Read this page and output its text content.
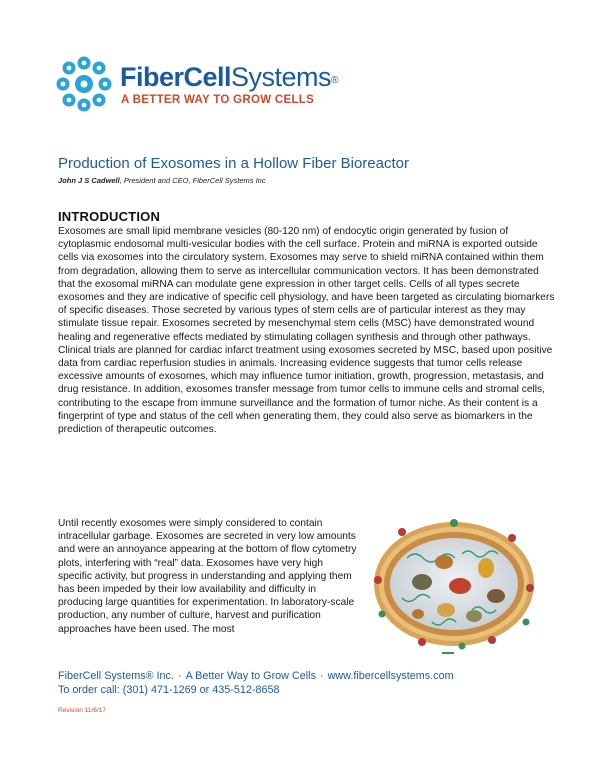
FiberCellSystems®
A BETTER WAY TO GROW CELLS
Production of Exosomes in a Hollow Fiber Bioreactor
John J S Cadwell, President and CEO, FiberCell Systems Inc
INTRODUCTION

Exosomes are small lipid membrane vesicles (80-120 nm) of endocytic origin generated by fusion of cytoplasmic endosomal multi-vesicular bodies with the cell surface. Protein and miRNA is exported outside cells via exosomes into the circulatory system. Exosomes may serve to shield miRNA contained within them from degradation, allowing them to serve as intercellular communication vectors. It has been demonstrated that the exosomal miRNA can modulate gene expression in other target cells. Cells of all types secrete exosomes and they are indicative of specific cell physiology, and have been targeted as circulating biomarkers of specific diseases. Those secreted by various types of stem cells are of particular interest as they may stimulate tissue repair. Exosomes secreted by mesenchymal stem cells (MSC) have demonstrated wound healing and regenerative effects mediated by stimulating collagen synthesis and through other pathways. Clinical trials are planned for cardiac infarct treatment using exosomes secreted by MSC, based upon positive data from cardiac reperfusion studies in animals. Increasing evidence suggests that tumor cells release excessive amounts of exosomes, which may influence tumor initiation, growth, progression, metastasis, and drug resistance. In addition, exosomes transfer message from tumor cells to immune cells and stromal cells, contributing to the escape from immune surveillance and the formation of tumor niche. As their content is a fingerprint of type and status of the cell when generating them, they could also serve as biomarkers in the prediction of therapeutic outcomes.

Until recently exosomes were simply considered to contain intracellular garbage. Exosomes are secreted in very low amounts and were an annoyance appearing at the bottom of flow cytometry plots, interfering with “real” data. Exosomes have very high specific activity, but progress in understanding and applying them has been impeded by their low availability and difficulty in producing large quantities for experimentation. In laboratory-scale production, any number of culture, harvest and purification approaches have been used. The most

FiberCell Systems® Inc. · A Better Way to Grow Cells · www.fibercellsystems.com
To order call: (301) 471-1269 or 435-512-8658
Revision 11/6/17
